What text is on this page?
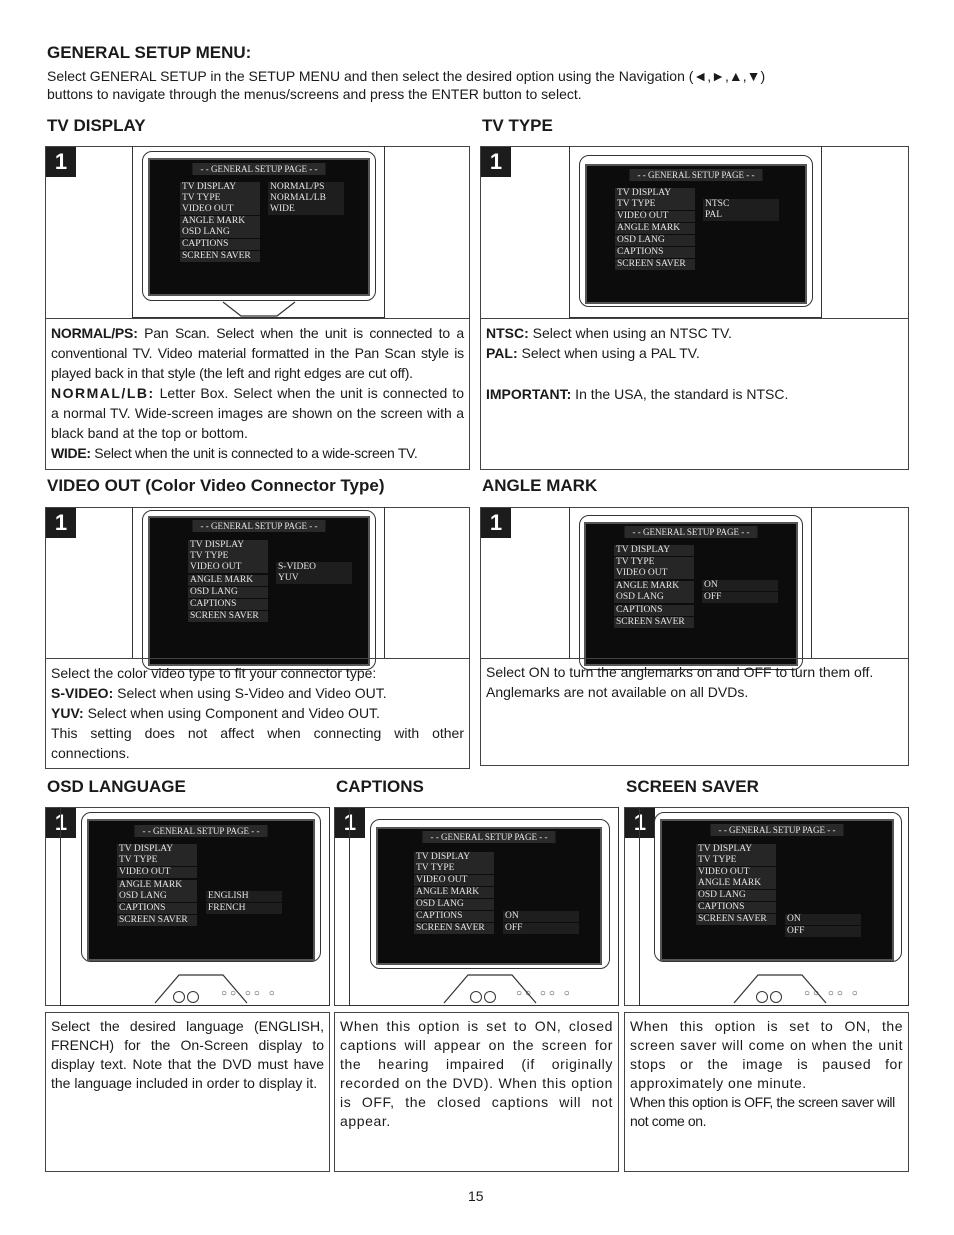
GENERAL SETUP MENU:
Select GENERAL SETUP in the SETUP MENU and then select the desired option using the Navigation (◄,►,▲,▼)
buttons to navigate through the menus/screens and press the ENTER button to select.
TV DISPLAY
1	- - GENERAL SETUP PAGE - -
TV DISPLAY
TV TYPE
VIDEO OUT
ANGLE MARK
OSD LANG
CAPTIONS
SCREEN SAVER
NORMAL/PS
NORMAL/LB
WIDE

NORMAL/PS: Pan Scan. Select when the unit is connected to a conventional TV. Video material formatted in the Pan Scan style is played back in that style (the left and right edges are cut off).

NORMAL/LB: Letter Box. Select when the unit is connected to a normal TV. Wide-screen images are shown on the screen with a black band at the top or bottom.

WIDE: Select when the unit is connected to a wide-screen TV.

TV TYPE
1
- - GENERAL SETUP PAGE - -
TV DISPLAY
TV TYPE
VIDEO OUT
ANGLE MARK
OSD LANG
CAPTIONS
SCREEN SAVER
NTSC
PAL

NTSC: Select when using an NTSC TV.

PAL: Select when using a PAL TV.

IMPORTANT: In the USA, the standard is NTSC.

VIDEO OUT (Color Video Connector Type)
1	- - GENERAL SETUP PAGE - -
TV DISPLAY
TV TYPE
VIDEO OUT
ANGLE MARK
OSD LANG
CAPTIONS
SCREEN SAVER
S-VIDEO
YUV

Select the color video type to fit your connector type:

S-VIDEO: Select when using S-Video and Video OUT.

YUV: Select when using Component and Video OUT.

This setting does not affect when connecting with other connections.

ANGLE MARK
1	- - GENERAL SETUP PAGE - -
TV DISPLAY
TV TYPE
VIDEO OUT
ANGLE MARK
OSD LANG
CAPTIONS
SCREEN SAVER
ON
OFF

Select ON to turn the anglemarks on and OFF to turn them off.

Anglemarks are not available on all DVDs.

OSD LANGUAGE
1	- - GENERAL SETUP PAGE - -
TV DISPLAY
TV TYPE
VIDEO OUT
ANGLE MARK
OSD LANG
CAPTIONS
SCREEN SAVER
ENGLISH
FRENCH
○○ ○○ ○

Select the desired language (ENGLISH, FRENCH) for the On-Screen display to display text. Note that the DVD must have the language included in order to display it.

CAPTIONS
1
- - GENERAL SETUP PAGE - -
TV DISPLAY
TV TYPE
VIDEO OUT
ANGLE MARK
OSD LANG
CAPTIONS
SCREEN SAVER
ON
OFF
○○ ○○ ○

When this option is set to ON, closed captions will appear on the screen for the hearing impaired (if originally recorded on the DVD). When this option is OFF, the closed captions will not appear.

SCREEN SAVER
1	- - GENERAL SETUP PAGE - -
TV DISPLAY
TV TYPE
VIDEO OUT
ANGLE MARK
OSD LANG
CAPTIONS
SCREEN SAVER	ON
OFF
○○ ○○ ○

When this option is set to ON, the screen saver will come on when the unit stops or the image is paused for approximately one minute.

When this option is OFF, the screen saver will not come on.

15
